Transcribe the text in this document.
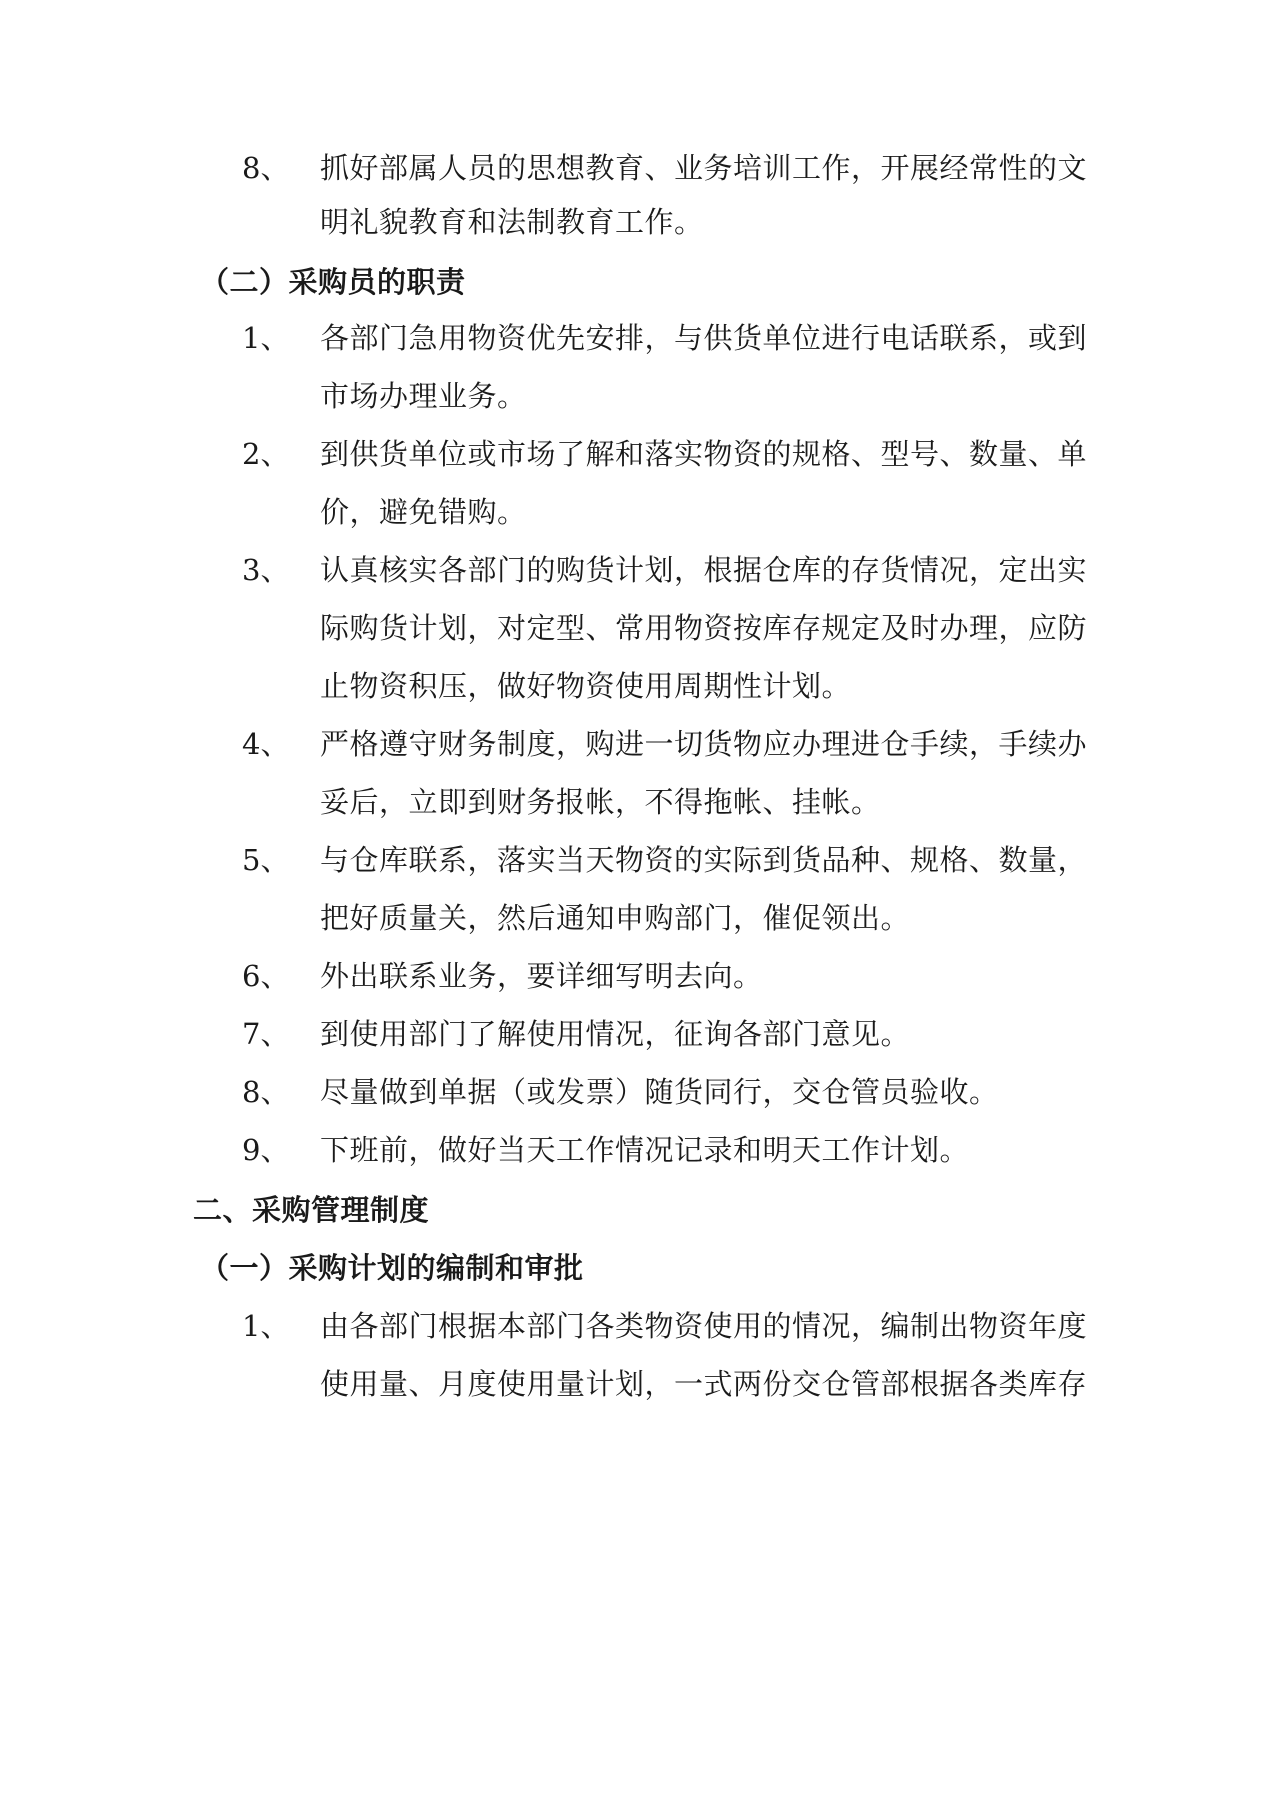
8、 抓好部属人员的思想教育、业务培训工作，开展经常性的文
明礼貌教育和法制教育工作。
（二）采购员的职责
1、 各部门急用物资优先安排，与供货单位进行电话联系，或到
市场办理业务。
2、 到供货单位或市场了解和落实物资的规格、型号、数量、单
价，避免错购。
3、 认真核实各部门的购货计划，根据仓库的存货情况，定出实
际购货计划，对定型、常用物资按库存规定及时办理，应防
止物资积压，做好物资使用周期性计划。
4、 严格遵守财务制度，购进一切货物应办理进仓手续，手续办
妥后，立即到财务报帐，不得拖帐、挂帐。
5、 与仓库联系，落实当天物资的实际到货品种、规格、数量，
把好质量关，然后通知申购部门，催促领出。
6、 外出联系业务，要详细写明去向。
7、 到使用部门了解使用情况，征询各部门意见。
8、 尽量做到单据（或发票）随货同行，交仓管员验收。
9、 下班前，做好当天工作情况记录和明天工作计划。
二、采购管理制度
（一）采购计划的编制和审批
1、 由各部门根据本部门各类物资使用的情况，编制出物资年度
使用量、月度使用量计划，一式两份交仓管部根据各类库存
